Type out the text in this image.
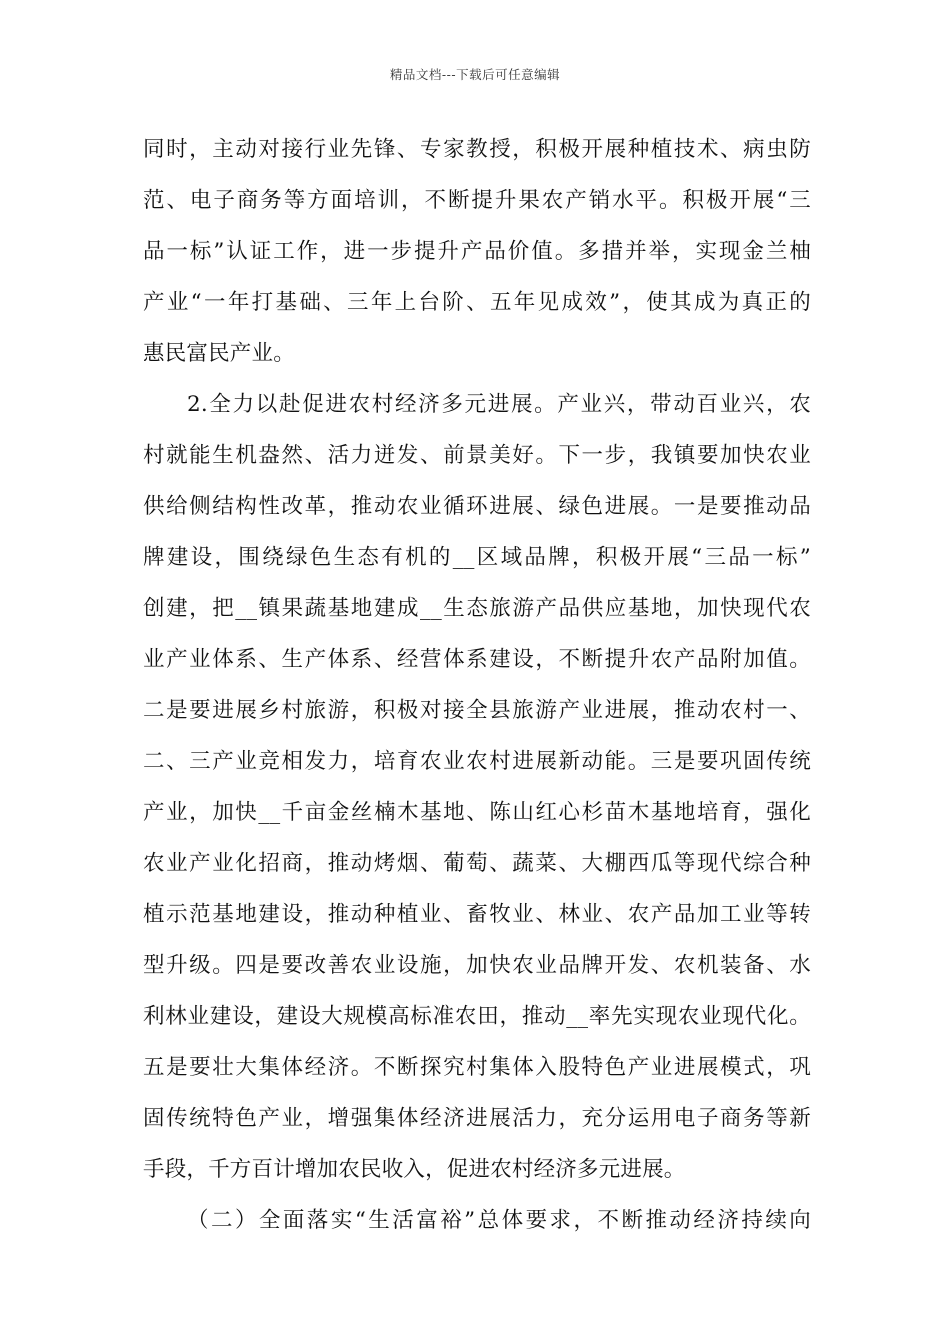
精品文档---下载后可任意编辑
同时，主动对接行业先锋、专家教授，积极开展种植技术、病虫防
范、电子商务等方面培训，不断提升果农产销水平。积极开展“三
品一标”认证工作，进一步提升产品价值。多措并举，实现金兰柚
产业“一年打基础、三年上台阶、五年见成效”，使其成为真正的
惠民富民产业。
2.全力以赴促进农村经济多元进展。产业兴，带动百业兴，农
村就能生机盎然、活力迸发、前景美好。下一步，我镇要加快农业
供给侧结构性改革，推动农业循环进展、绿色进展。一是要推动品
牌建设，围绕绿色生态有机的__区域品牌，积极开展“三品一标”
创建，把__镇果蔬基地建成__生态旅游产品供应基地，加快现代农
业产业体系、生产体系、经营体系建设，不断提升农产品附加值。
二是要进展乡村旅游，积极对接全县旅游产业进展，推动农村一、
二、三产业竞相发力，培育农业农村进展新动能。三是要巩固传统
产业，加快__千亩金丝楠木基地、陈山红心杉苗木基地培育，强化
农业产业化招商，推动烤烟、葡萄、蔬菜、大棚西瓜等现代综合种
植示范基地建设，推动种植业、畜牧业、林业、农产品加工业等转
型升级。四是要改善农业设施，加快农业品牌开发、农机装备、水
利林业建设，建设大规模高标准农田，推动__率先实现农业现代化。
五是要壮大集体经济。不断探究村集体入股特色产业进展模式，巩
固传统特色产业，增强集体经济进展活力，充分运用电子商务等新
手段，千方百计增加农民收入，促进农村经济多元进展。
（二）全面落实“生活富裕”总体要求，不断推动经济持续向
